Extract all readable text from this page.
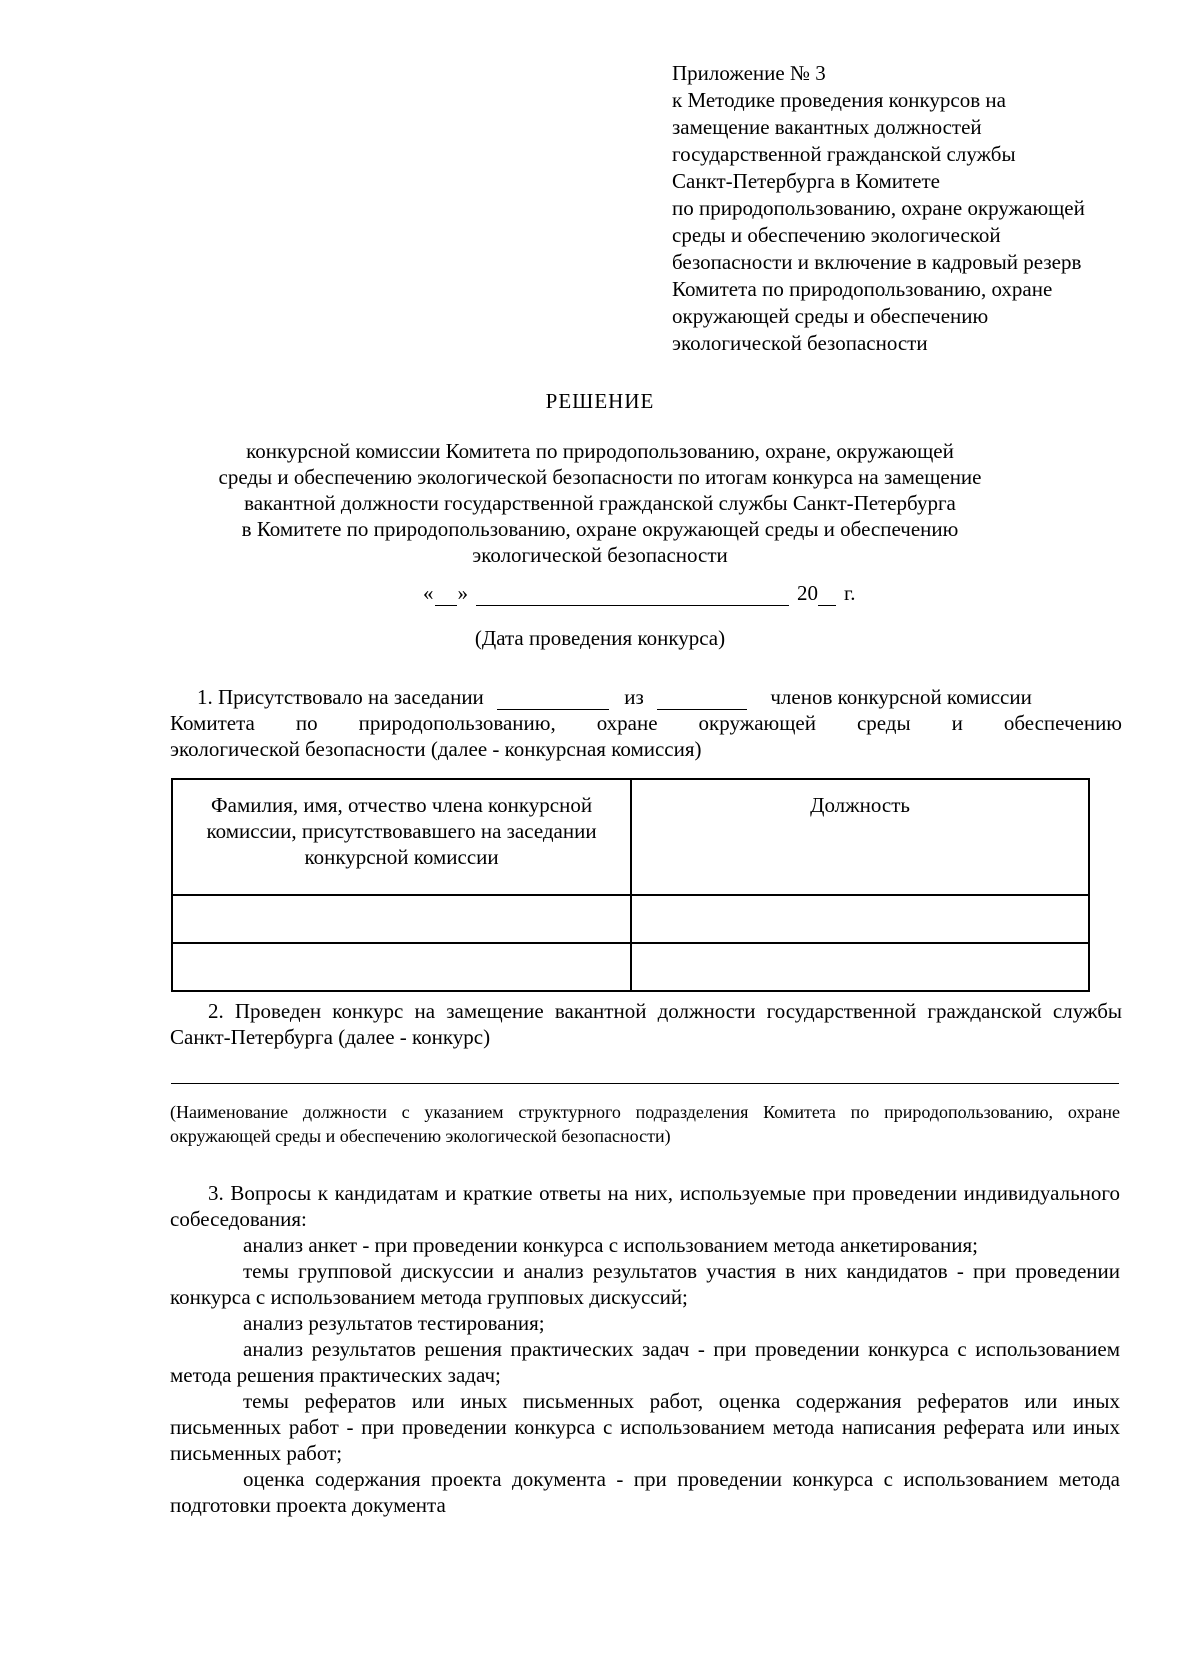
Приложение № 3
к Методике проведения конкурсов на
замещение вакантных должностей
государственной гражданской службы
Санкт-Петербурга в Комитете
по природопользованию, охране окружающей
среды и обеспечению экологической
безопасности и включение в кадровый резерв
Комитета по природопользованию, охране
окружающей среды и обеспечению
экологической безопасности
РЕШЕНИЕ
конкурсной комиссии Комитета по природопользованию, охране, окружающей
среды и обеспечению экологической безопасности по итогам конкурса на замещение
вакантной должности государственной гражданской службы Санкт-Петербурга
в Комитете по природопользованию, охране окружающей среды и обеспечению
экологической безопасности
« »	20 г.
(Дата проведения конкурса)
1. Присутствовало на заседании	из	членов конкурсной комиссии
Комитета по природопользованию, охране окружающей среды и обеспечению
экологической безопасности (далее - конкурсная комиссия)
Фамилия, имя, отчество члена конкурсной комиссии, присутствовавшего на заседании конкурсной комиссии	Должность

2. Проведен конкурс на замещение вакантной должности государственной гражданской службы Санкт-Петербурга (далее - конкурс)
(Наименование должности с указанием структурного подразделения Комитета по природопользованию, охране окружающей среды и обеспечению экологической безопасности)
3. Вопросы к кандидатам и краткие ответы на них, используемые при проведении индивидуального собеседования:
анализ анкет - при проведении конкурса с использованием метода анкетирования;
темы групповой дискуссии и анализ результатов участия в них кандидатов - при проведении конкурса с использованием метода групповых дискуссий;
анализ результатов тестирования;
анализ результатов решения практических задач - при проведении конкурса с использованием метода решения практических задач;
темы рефератов или иных письменных работ, оценка содержания рефератов или иных письменных работ - при проведении конкурса с использованием метода написания реферата или иных письменных работ;
оценка содержания проекта документа - при проведении конкурса с использованием метода подготовки проекта документа
